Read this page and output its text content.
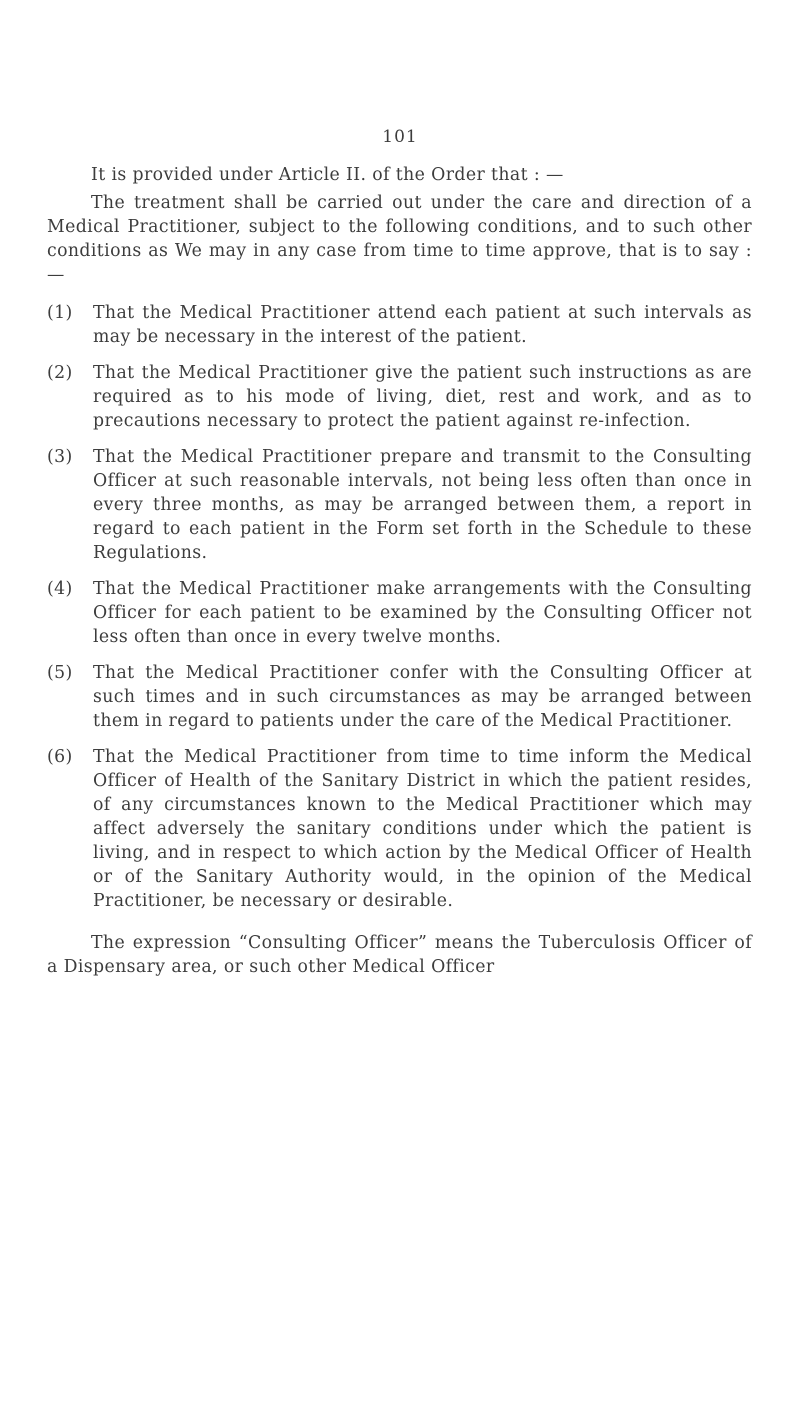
101

It is provided under Article II. of the Order that : —

The treatment shall be carried out under the care and direction of a Medical Practitioner, subject to the following conditions, and to such other conditions as We may in any case from time to time approve, that is to say : —

(1)	That the Medical Practitioner attend each patient at such intervals as may be necessary in the interest of the patient.
(2)	That the Medical Practitioner give the patient such instructions as are required as to his mode of living, diet, rest and work, and as to precautions necessary to protect the patient against re-infection.
(3)	That the Medical Practitioner prepare and transmit to the Consulting Officer at such reasonable intervals, not being less often than once in every three months, as may be arranged between them, a report in regard to each patient in the Form set forth in the Schedule to these Regulations.
(4)	That the Medical Practitioner make arrangements with the Consulting Officer for each patient to be examined by the Consulting Officer not less often than once in every twelve months.
(5)	That the Medical Practitioner confer with the Consulting Officer at such times and in such circumstances as may be arranged between them in regard to patients under the care of the Medical Practitioner.
(6)	That the Medical Practitioner from time to time inform the Medical Officer of Health of the Sanitary District in which the patient resides, of any circumstances known to the Medical Practitioner which may affect adversely the sanitary conditions under which the patient is living, and in respect to which action by the Medical Officer of Health or of the Sanitary Authority would, in the opinion of the Medical Practitioner, be necessary or desirable.

The expression “Consulting Officer” means the Tuberculosis Officer of a Dispensary area, or such other Medical Officer
